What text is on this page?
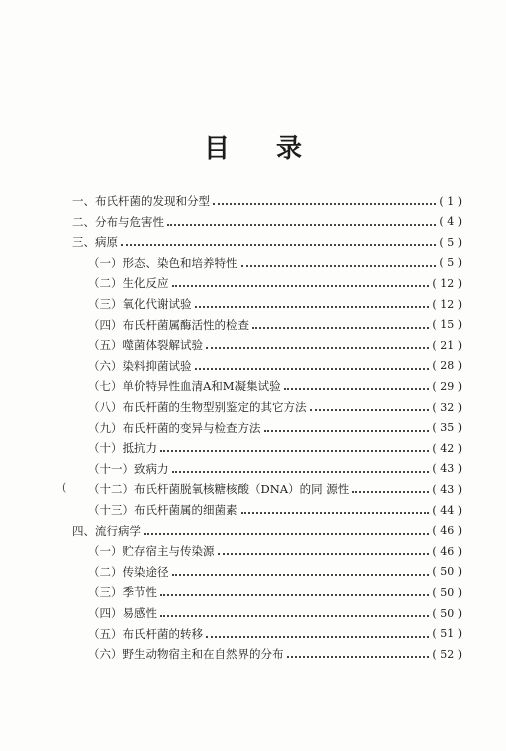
目 录
一、布氏杆菌的发现和分型	( 1 )
二、分布与危害性	( 4 )
三、病原	( 5 )
（一）形态、染色和培养特性	( 5 )
（二）生化反应	( 12 )
（三）氧化代谢试验	( 12 )
（四）布氏杆菌属酶活性的检查	( 15 )
（五）噬菌体裂解试验	( 21 )
（六）染料抑菌试验	( 28 )
（七）单价特异性血清A和M凝集试验	( 29 )
（八）布氏杆菌的生物型别鉴定的其它方法	( 32 )
（九）布氏杆菌的变异与检查方法	( 35 )
（十）抵抗力	( 42 )
（十一）致病力	( 43 )
（十二）布氏杆菌脱氧核糖核酸（DNA）的同 源性	( 43 )
（十三）布氏杆菌属的细菌素	( 44 )
四、流行病学	( 46 )
（一）贮存宿主与传染源	( 46 )
（二）传染途径	( 50 )
（三）季节性	( 50 )
（四）易感性	( 50 )
（五）布氏杆菌的转移	( 51 )
（六）野生动物宿主和在自然界的分布	( 52 )
(
